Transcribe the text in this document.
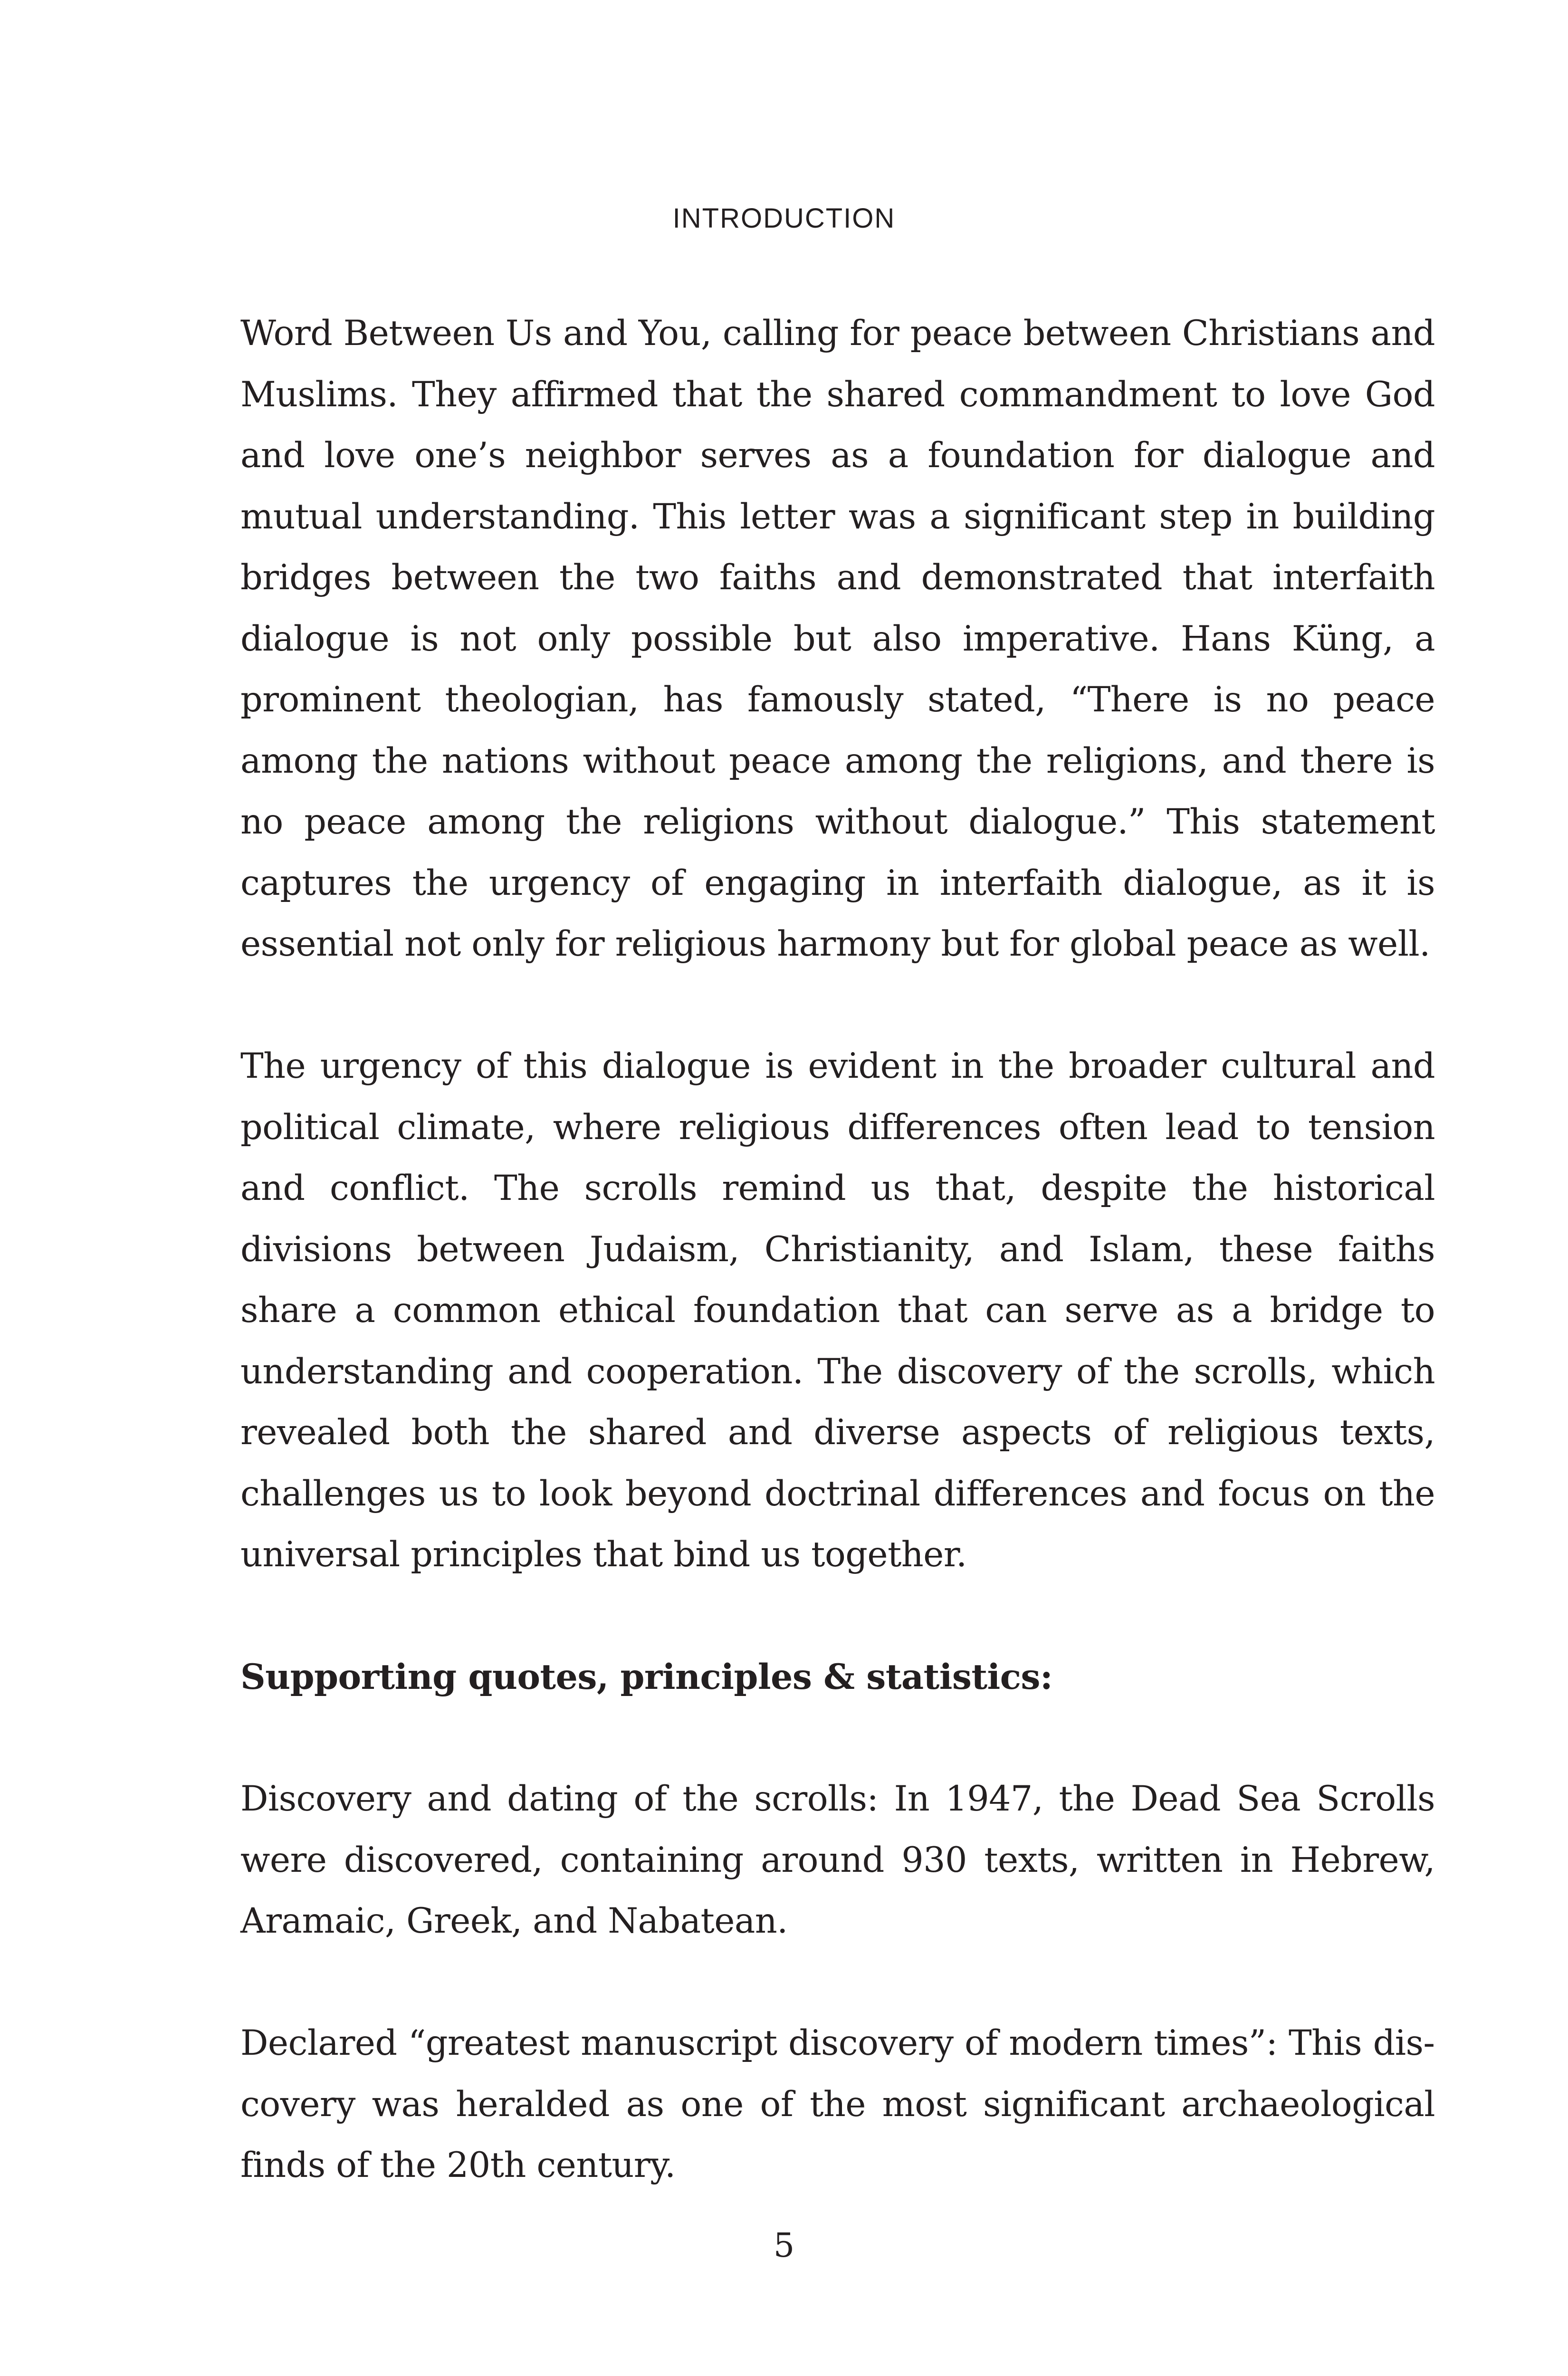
INTRODUCTION

Word Between Us and You, calling for peace between Christians and Muslims. They affirmed that the shared commandment to love God and love one’s neighbor serves as a foundation for dialogue and mutual understanding. This letter was a significant step in building bridges between the two faiths and demonstrated that interfaith dialogue is not only possible but also imperative. Hans Küng, a prominent theologian, has famously stated, “There is no peace among the nations without peace among the religions, and there is no peace among the religions without dialogue.” This statement captures the urgency of engaging in interfaith dialogue, as it is essential not only for religious harmony but for global peace as well.

The urgency of this dialogue is evident in the broader cultural and political climate, where religious differences often lead to tension and conflict. The scrolls remind us that, despite the historical divisions between Judaism, Christianity, and Islam, these faiths share a common ethical foundation that can serve as a bridge to understanding and cooperation. The discovery of the scrolls, which revealed both the shared and diverse aspects of religious texts, challenges us to look beyond doctrinal differences and focus on the universal principles that bind us together.

Supporting quotes, principles & statistics:

Discovery and dating of the scrolls: In 1947, the Dead Sea Scrolls were discovered, containing around 930 texts, written in Hebrew, Aramaic, Greek, and Nabatean.

Declared “greatest manuscript discovery of modern times”: This discovery was heralded as one of the most significant archaeological finds of the 20th century.

5
